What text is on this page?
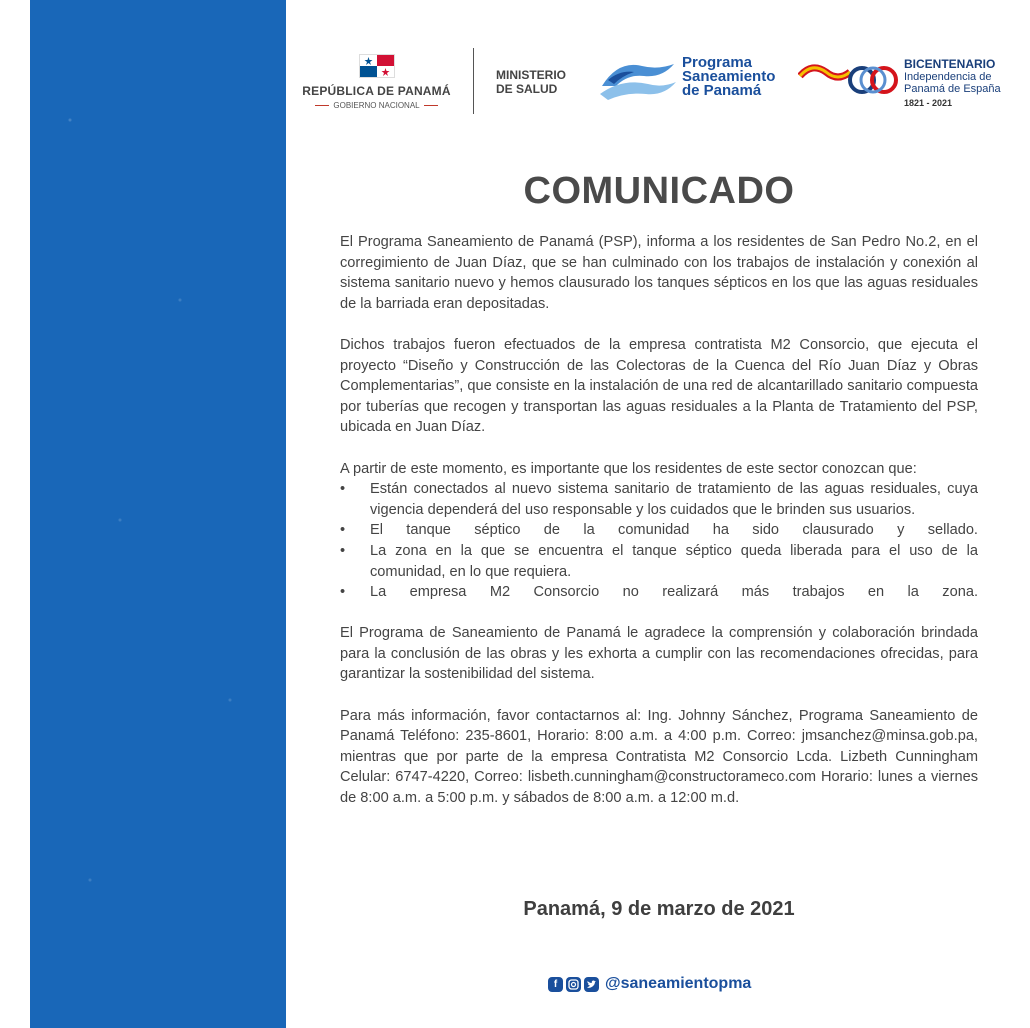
REPÚBLICA DE PANAMÁ
GOBIERNO NACIONAL
MINISTERIO
DE SALUD
Programa
Saneamiento
de Panamá
BICENTENARIO
Independencia de
Panamá de España
1821 - 2021
COMUNICADO

El Programa Saneamiento de Panamá (PSP), informa a los residentes de San Pedro No.2, en el corregimiento de Juan Díaz, que se han culminado con los trabajos de instalación y conexión al sistema sanitario nuevo y hemos clausurado los tanques sépticos en los que las aguas residuales de la barriada eran depositadas.

Dichos trabajos fueron efectuados de la empresa contratista M2 Consorcio, que ejecuta el proyecto “Diseño y Construcción de las Colectoras de la Cuenca del Río Juan Díaz y Obras Complementarias”, que consiste en la instalación de una red de alcantarillado sanitario compuesta por tuberías que recogen y transportan las aguas residuales a la Planta de Tratamiento del PSP, ubicada en Juan Díaz.

A partir de este momento, es importante que los residentes de este sector conozcan que:

•	Están conectados al nuevo sistema sanitario de tratamiento de las aguas residuales, cuya vigencia dependerá del uso responsable y los cuidados que le brinden sus usuarios.
•	El tanque séptico de la comunidad ha sido clausurado y sellado.
•	La zona en la que se encuentra el tanque séptico queda liberada para el uso de la comunidad, en lo que requiera.
•	La empresa M2 Consorcio no realizará más trabajos en la zona.

El Programa de Saneamiento de Panamá le agradece la comprensión y colaboración brindada para la conclusión de las obras y les exhorta a cumplir con las recomendaciones ofrecidas, para garantizar la sostenibilidad del sistema.

Para más información, favor contactarnos al: Ing. Johnny Sánchez, Programa Saneamiento de Panamá Teléfono: 235-8601, Horario: 8:00 a.m. a 4:00 p.m. Correo: jmsanchez@minsa.gob.pa, mientras que por parte de la empresa Contratista M2 Consorcio Lcda. Lizbeth Cunningham Celular: 6747-4220, Correo: lisbeth.cunningham@constructorameco.com Horario: lunes a viernes de 8:00 a.m. a 5:00 p.m. y sábados de 8:00 a.m. a 12:00 m.d.

Panamá, 9 de marzo de 2021
f	@saneamientopma
